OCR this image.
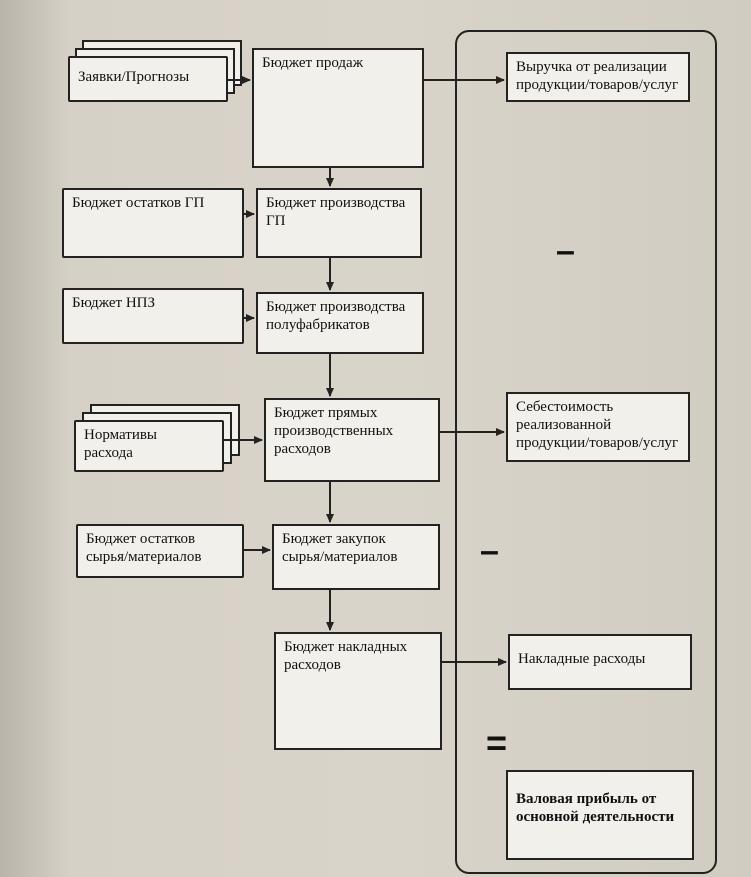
Заявки/Прогнозы
Бюджет остатков ГП
Бюджет НПЗ
Нормативы
расхода
Бюджет остатков
сырья/материалов
Бюджет продаж
Бюджет производства
ГП
Бюджет производства
полуфабрикатов
Бюджет прямых
производственных
расходов
Бюджет закупок
сырья/материалов
Бюджет накладных
расходов
Выручка от реализации
продукции/товаров/услуг
Себестоимость
реализованной
продукции/товаров/услуг
Накладные расходы
Валовая прибыль от
основной деятельности
–
–
=
